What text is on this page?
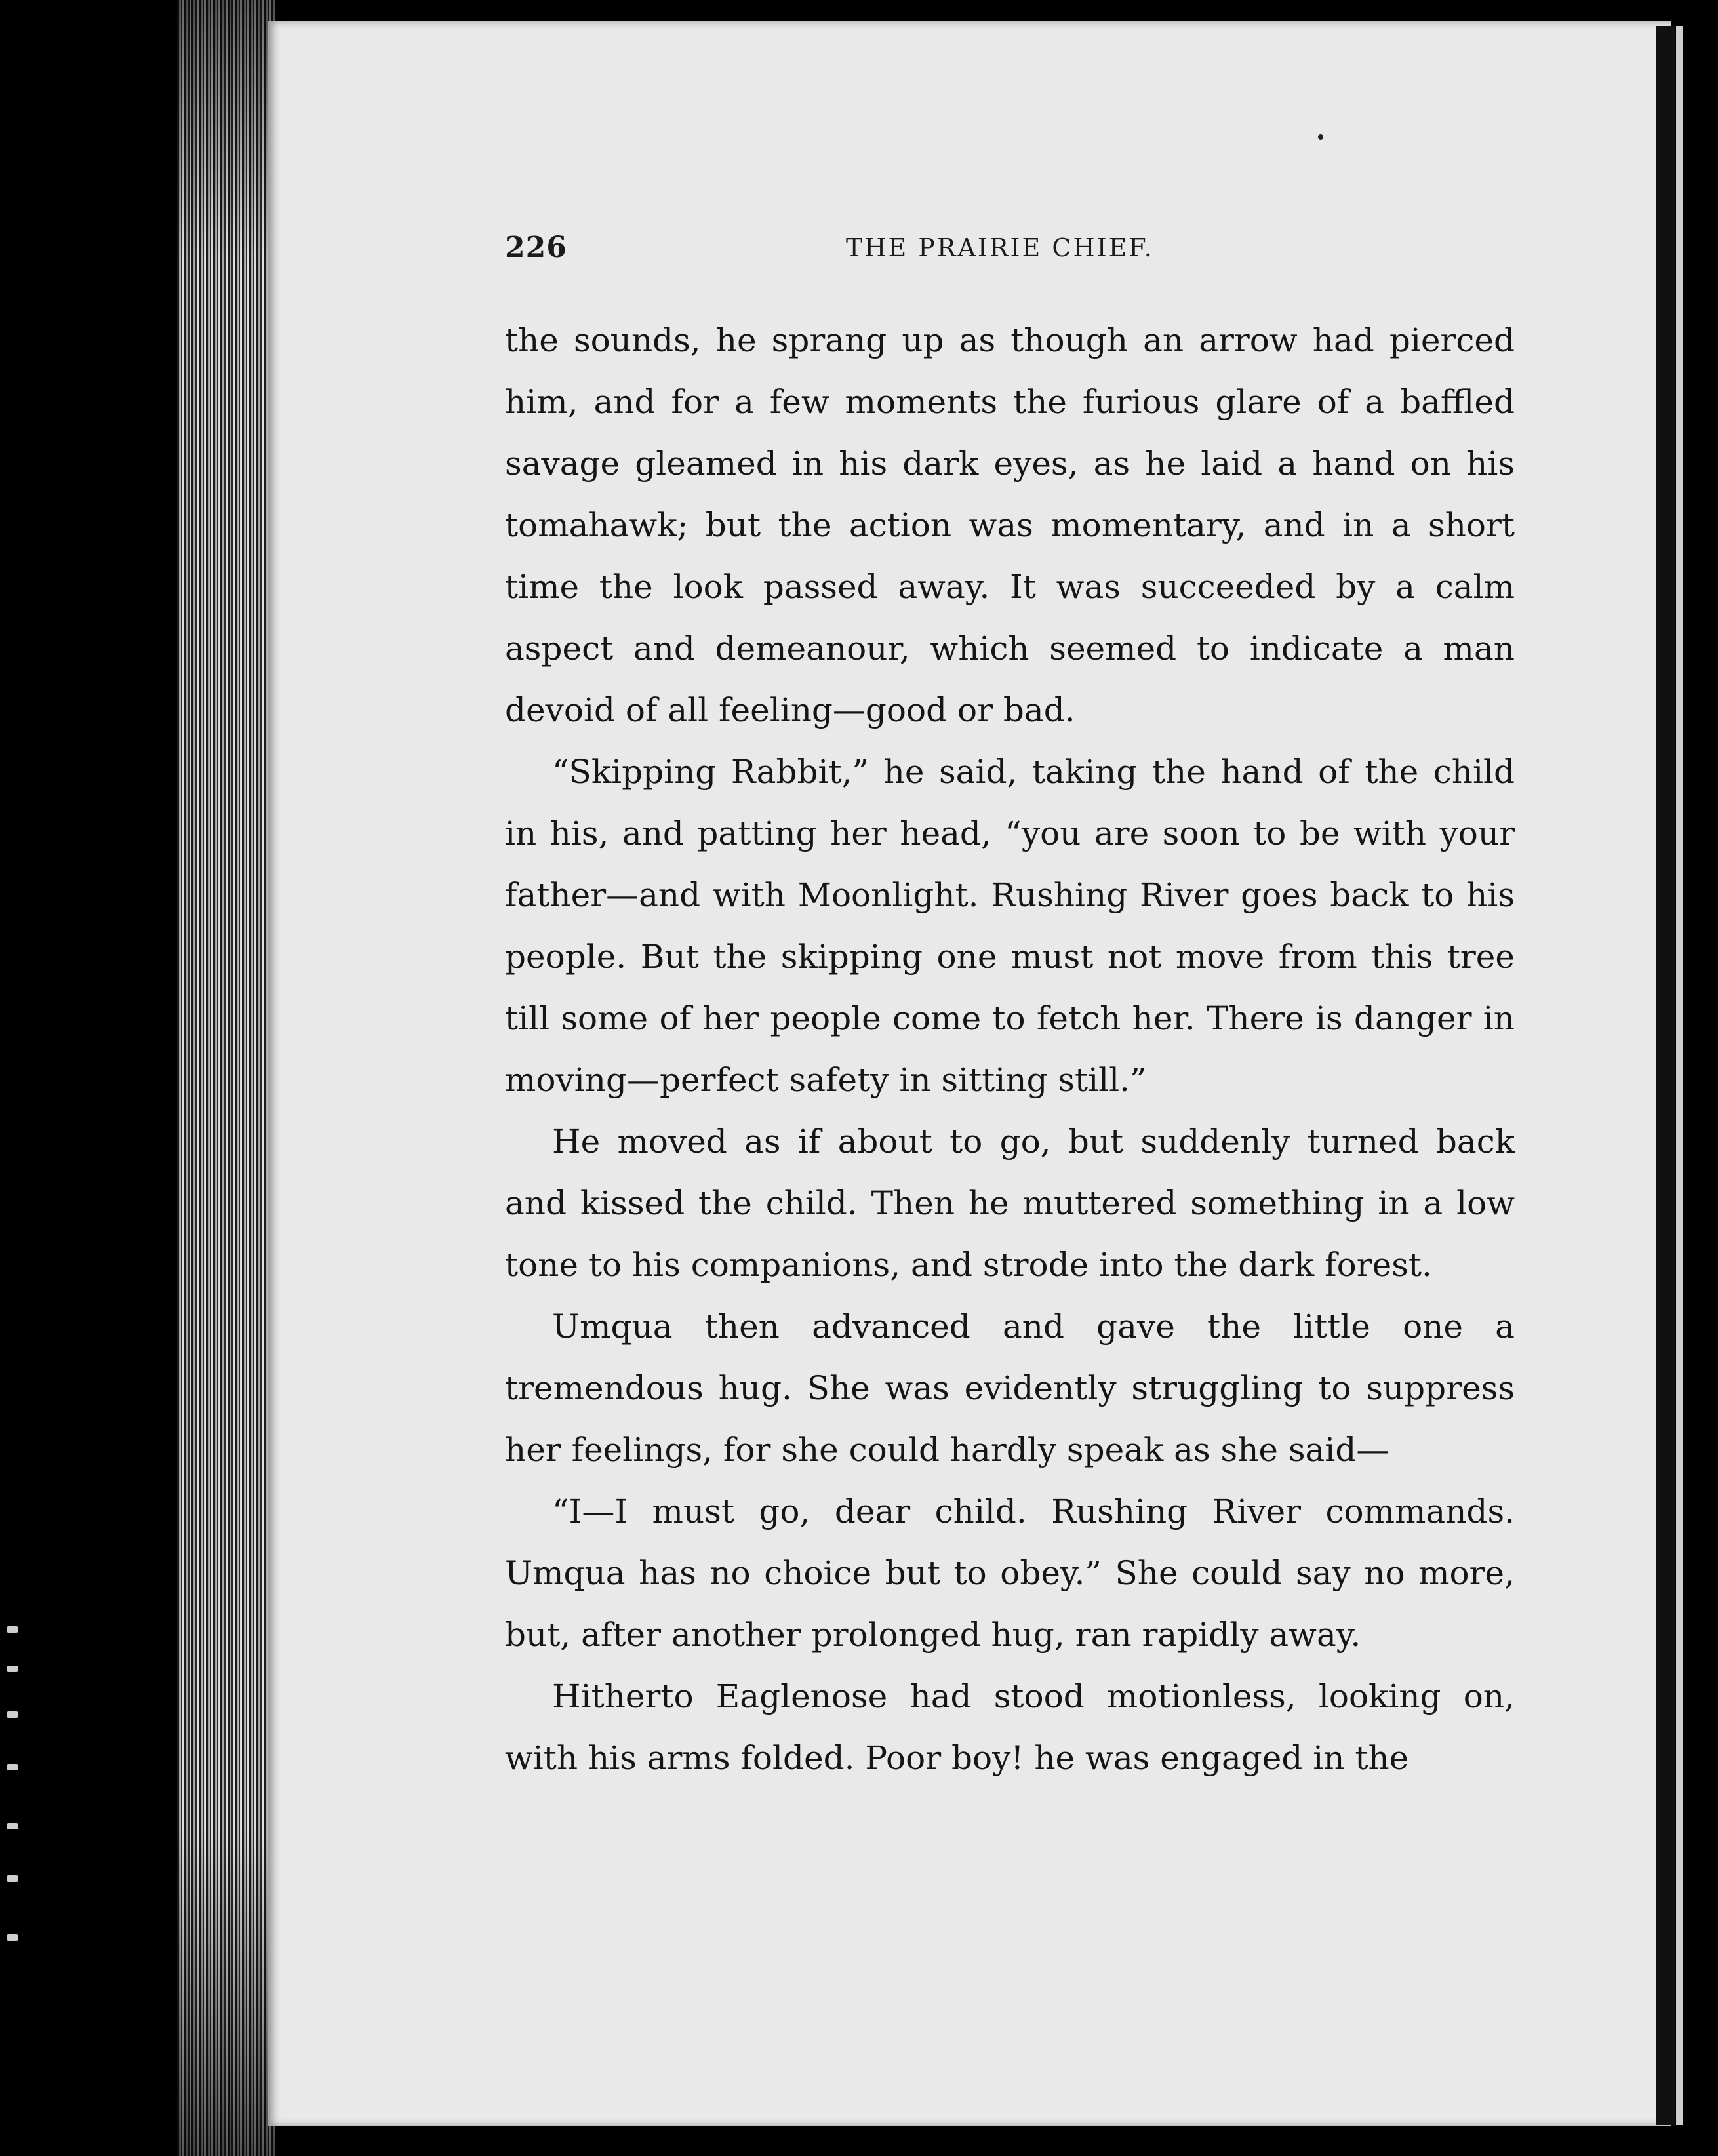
226	THE PRAIRIE CHIEF.

the sounds, he sprang up as though an arrow had pierced him, and for a few moments the furious glare of a baffled savage gleamed in his dark eyes, as he laid a hand on his tomahawk; but the action was momentary, and in a short time the look passed away. It was succeeded by a calm aspect and demeanour, which seemed to indicate a man devoid of all feeling—good or bad.

“Skipping Rabbit,” he said, taking the hand of the child in his, and patting her head, “you are soon to be with your father—and with Moonlight. Rushing River goes back to his people. But the skipping one must not move from this tree till some of her people come to fetch her. There is danger in moving—perfect safety in sitting still.”

He moved as if about to go, but suddenly turned back and kissed the child. Then he muttered something in a low tone to his companions, and strode into the dark forest.

Umqua then advanced and gave the little one a tremendous hug. She was evidently struggling to suppress her feelings, for she could hardly speak as she said—

“I—I must go, dear child. Rushing River commands. Umqua has no choice but to obey.” She could say no more, but, after another prolonged hug, ran rapidly away.

Hitherto Eaglenose had stood motionless, looking on, with his arms folded. Poor boy! he was engaged in the
